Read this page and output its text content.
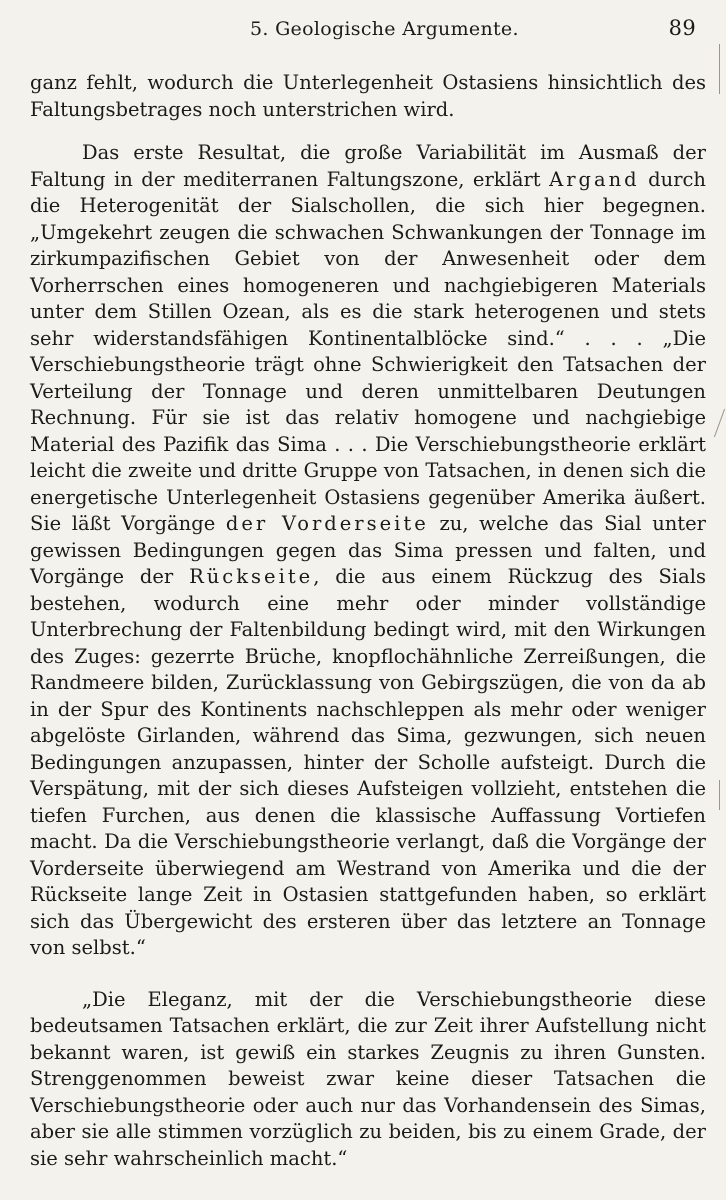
5. Geologische Argumente.	89

ganz fehlt, wodurch die Unterlegenheit Ostasiens hinsichtlich des Faltungsbetrages noch unterstrichen wird.

Das erste Resultat, die große Variabilität im Ausmaß der Faltung in der mediterranen Faltungszone, erklärt Argand durch die Heterogenität der Sialschollen, die sich hier begegnen. „Umgekehrt zeugen die schwachen Schwankungen der Tonnage im zirkumpazifischen Gebiet von der Anwesenheit oder dem Vorherrschen eines homogeneren und nachgiebigeren Materials unter dem Stillen Ozean, als es die stark heterogenen und stets sehr widerstandsfähigen Kontinentalblöcke sind.“ . . . „Die Verschiebungstheorie trägt ohne Schwierigkeit den Tatsachen der Verteilung der Tonnage und deren unmittelbaren Deutungen Rechnung. Für sie ist das relativ homogene und nachgiebige Material des Pazifik das Sima . . . Die Verschiebungstheorie erklärt leicht die zweite und dritte Gruppe von Tatsachen, in denen sich die energetische Unterlegenheit Ostasiens gegenüber Amerika äußert. Sie läßt Vorgänge der Vorderseite zu, welche das Sial unter gewissen Bedingungen gegen das Sima pressen und falten, und Vorgänge der Rückseite, die aus einem Rückzug des Sials bestehen, wodurch eine mehr oder minder vollständige Unterbrechung der Faltenbildung bedingt wird, mit den Wirkungen des Zuges: gezerrte Brüche, knopflochähnliche Zerreißungen, die Randmeere bilden, Zurücklassung von Gebirgszügen, die von da ab in der Spur des Kontinents nachschleppen als mehr oder weniger abgelöste Girlanden, während das Sima, gezwungen, sich neuen Bedingungen anzupassen, hinter der Scholle aufsteigt. Durch die Verspätung, mit der sich dieses Aufsteigen vollzieht, entstehen die tiefen Furchen, aus denen die klassische Auffassung Vortiefen macht. Da die Verschiebungstheorie verlangt, daß die Vorgänge der Vorderseite überwiegend am Westrand von Amerika und die der Rückseite lange Zeit in Ostasien stattgefunden haben, so erklärt sich das Übergewicht des ersteren über das letztere an Tonnage von selbst.“

„Die Eleganz, mit der die Verschiebungstheorie diese bedeutsamen Tatsachen erklärt, die zur Zeit ihrer Aufstellung nicht bekannt waren, ist gewiß ein starkes Zeugnis zu ihren Gunsten. Strenggenommen beweist zwar keine dieser Tatsachen die Verschiebungstheorie oder auch nur das Vorhandensein des Simas, aber sie alle stimmen vorzüglich zu beiden, bis zu einem Grade, der sie sehr wahrscheinlich macht.“
